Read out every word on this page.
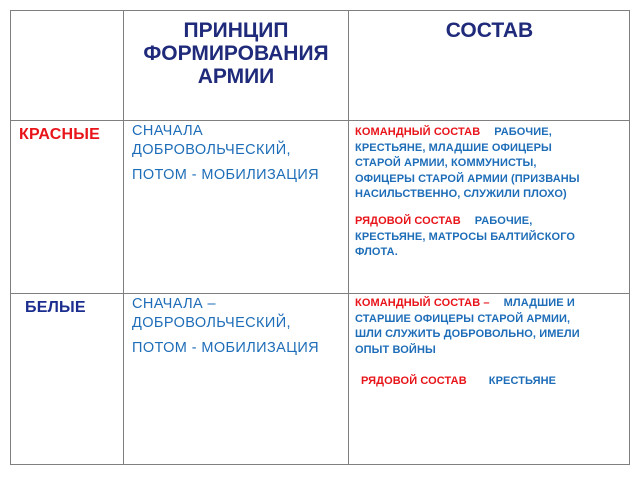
ПРИНЦИП
ФОРМИРОВАНИЯ
АРМИИ
СОСТАВ
КРАСНЫЕ СНАЧАЛА
ДОБРОВОЛЬЧЕСКИЙ,
ПОТОМ - МОБИЛИЗАЦИЯ
КОМАНДНЫЙ СОСТАВ РАБОЧИЕ,
КРЕСТЬЯНЕ, МЛАДШИЕ ОФИЦЕРЫ
СТАРОЙ АРМИИ, КОММУНИСТЫ,
ОФИЦЕРЫ СТАРОЙ АРМИИ (ПРИЗВАНЫ
НАСИЛЬСТВЕННО, СЛУЖИЛИ ПЛОХО)
РЯДОВОЙ СОСТАВ РАБОЧИЕ,
КРЕСТЬЯНЕ, МАТРОСЫ БАЛТИЙСКОГО
ФЛОТА.
БЕЛЫЕ	СНАЧАЛА –
ДОБРОВОЛЬЧЕСКИЙ,
ПОТОМ - МОБИЛИЗАЦИЯ
КОМАНДНЫЙ СОСТАВ – МЛАДШИЕ И
СТАРШИЕ ОФИЦЕРЫ СТАРОЙ АРМИИ,
ШЛИ СЛУЖИТЬ ДОБРОВОЛЬНО, ИМЕЛИ
ОПЫТ ВОЙНЫ
РЯДОВОЙ СОСТАВ КРЕСТЬЯНЕ
